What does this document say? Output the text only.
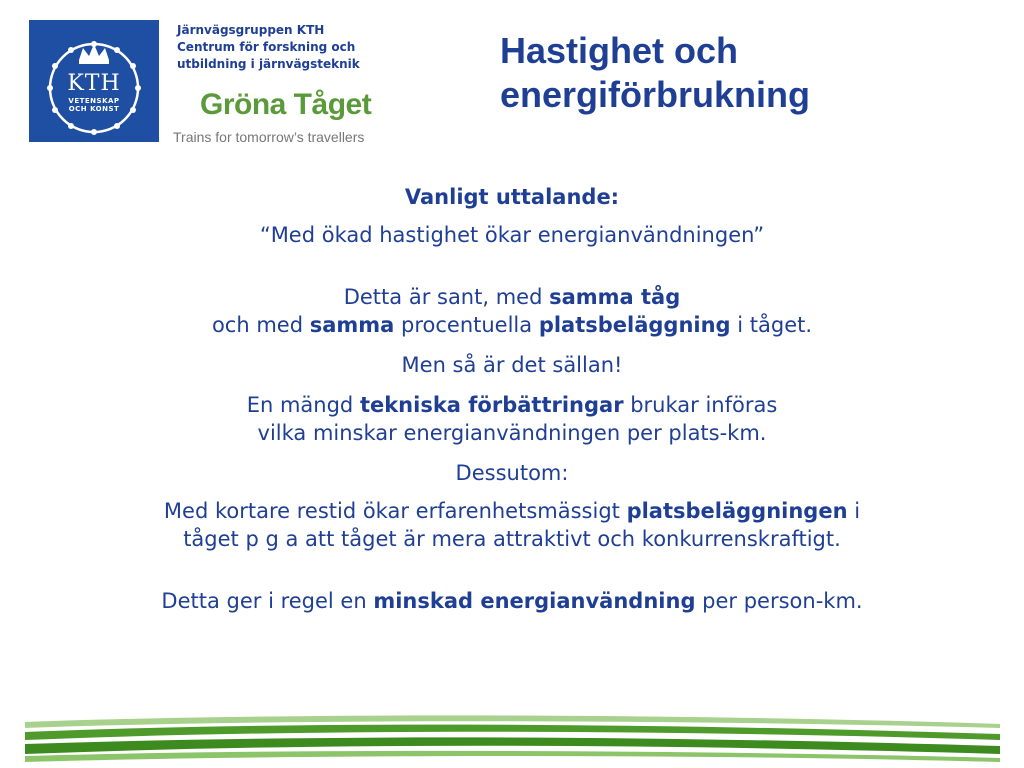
KTH
VETENSKAP
OCH KONST
Järnvägsgruppen KTH
Centrum för forskning och
utbildning i järnvägsteknik
Gröna Tåget
Trains for tomorrow’s travellers
Hastighet och
energiförbrukning

Vanligt uttalande:

“Med ökad hastighet ökar energianvändningen”

Detta är sant, med samma tåg
och med samma procentuella platsbeläggning i tåget.

Men så är det sällan!

En mängd tekniska förbättringar brukar införas
vilka minskar energianvändningen per plats-km.

Dessutom:

Med kortare restid ökar erfarenhetsmässigt platsbeläggningen i
tåget p g a att tåget är mera attraktivt och konkurrenskraftigt.

Detta ger i regel en minskad energianvändning per person-km.
